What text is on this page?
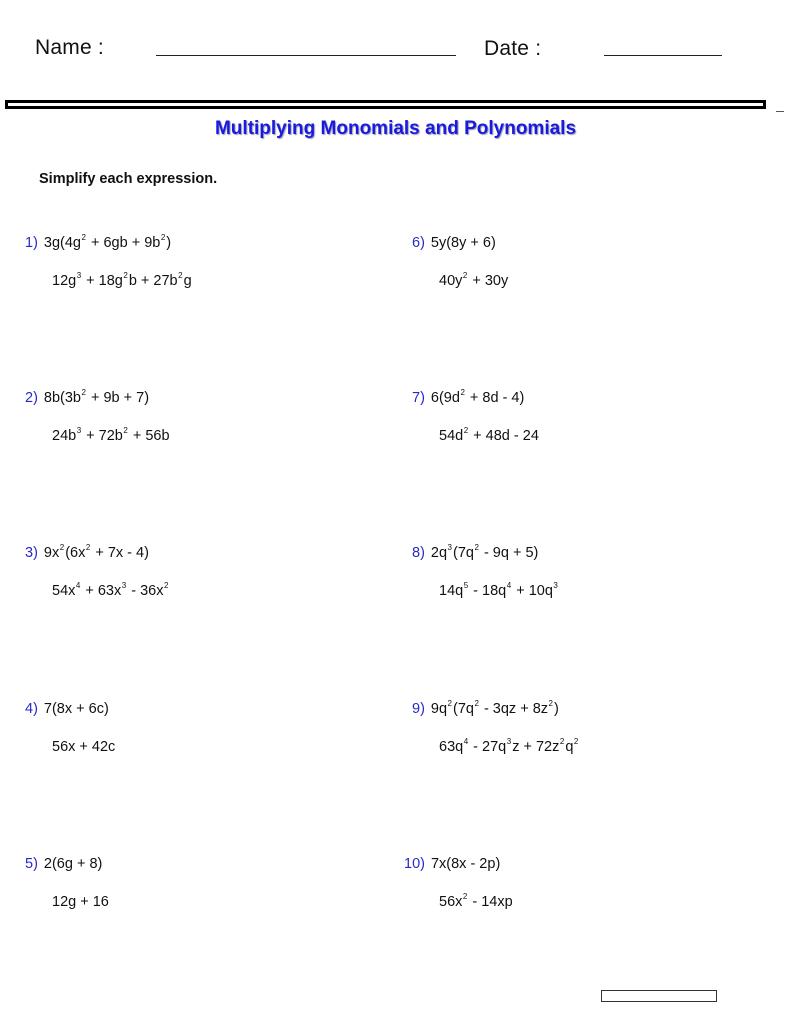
Name :	Date :
Multiplying Monomials and Polynomials
Simplify each expression.
1) $3g(4g^2 + 6gb + 9b^2)$
$12g^3 + 18g^2b + 27b^2g$
2) $8b(3b^2 + 9b + 7)$
$24b^3 + 72b^2 + 56b$
3) $9x^2(6x^2 + 7x - 4)$
$54x^4 + 63x^3 - 36x^2$
4) 7(8x + 6c)
56x + 42c
5) 2(6g + 8)
12g + 16
6) 5y(8y + 6)
$40y^2 + 30y$
7) $6(9d^2 + 8d - 4)$
$54d^2 + 48d - 24$
8) $2q^3(7q^2 - 9q + 5)$
$14q^5 - 18q^4 + 10q^3$
9) $9q^2(7q^2 - 3qz + 8z^2)$
$63q^4 - 27q^3z + 72z^2q^2$
10) 7x(8x - 2p)
$56x^2 - 14xp$
